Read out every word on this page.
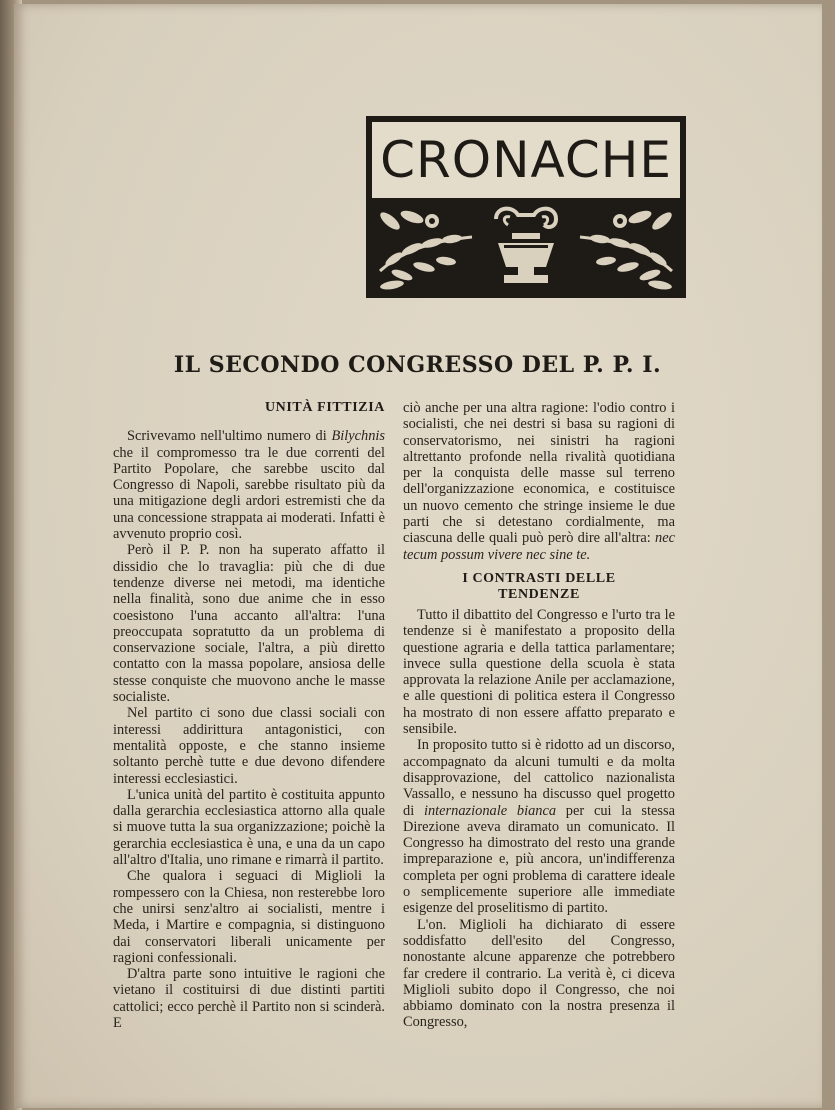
CRONACHE
IL SECONDO CONGRESSO DEL P. P. I.
UNITÀ FITTIZIA

Scrivevamo nell'ultimo numero di Bilychnis che il compromesso tra le due correnti del Partito Popolare, che sarebbe uscito dal Congresso di Napoli, sarebbe risultato più da una mitigazione degli ardori estremisti che da una concessione strappata ai moderati. Infatti è avvenuto proprio così.

Però il P. P. non ha superato affatto il dissidio che lo travaglia: più che di due tendenze diverse nei metodi, ma identiche nella finalità, sono due anime che in esso coesistono l'una accanto all'altra: l'una preoccupata sopratutto da un problema di conservazione sociale, l'altra, a più diretto contatto con la massa popolare, ansiosa delle stesse conquiste che muovono anche le masse socialiste.

Nel partito ci sono due classi sociali con interessi addirittura antagonistici, con mentalità opposte, e che stanno insieme soltanto perchè tutte e due devono difendere interessi ecclesiastici.

L'unica unità del partito è costituita appunto dalla gerarchia ecclesiastica attorno alla quale si muove tutta la sua organizzazione; poichè la gerarchia ecclesiastica è una, e una da un capo all'altro d'Italia, uno rimane e rimarrà il partito.

Che qualora i seguaci di Miglioli la rompessero con la Chiesa, non resterebbe loro che unirsi senz'altro ai socialisti, mentre i Meda, i Martire e compagnia, si distinguono dai conservatori liberali unicamente per ragioni confessionali.

D'altra parte sono intuitive le ragioni che vietano il costituirsi di due distinti partiti cattolici; ecco perchè il Partito non si scinderà. E

ciò anche per una altra ragione: l'odio contro i socialisti, che nei destri si basa su ragioni di conservatorismo, nei sinistri ha ragioni altrettanto profonde nella rivalità quotidiana per la conquista delle masse sul terreno dell'organizzazione economica, e costituisce un nuovo cemento che stringe insieme le due parti che si detestano cordialmente, ma ciascuna delle quali può però dire all'altra: nec tecum possum vivere nec sine te.

I CONTRASTI DELLE
TENDENZE

Tutto il dibattito del Congresso e l'urto tra le tendenze si è manifestato a proposito della questione agraria e della tattica parlamentare; invece sulla questione della scuola è stata approvata la relazione Anile per acclamazione, e alle questioni di politica estera il Congresso ha mostrato di non essere affatto preparato e sensibile.

In proposito tutto si è ridotto ad un discorso, accompagnato da alcuni tumulti e da molta disapprovazione, del cattolico nazionalista Vassallo, e nessuno ha discusso quel progetto di internazionale bianca per cui la stessa Direzione aveva diramato un comunicato. Il Congresso ha dimostrato del resto una grande impreparazione e, più ancora, un'indifferenza completa per ogni problema di carattere ideale o semplicemente superiore alle immediate esigenze del proselitismo di partito.

L'on. Miglioli ha dichiarato di essere soddisfatto dell'esito del Congresso, nonostante alcune apparenze che potrebbero far credere il contrario. La verità è, ci diceva Miglioli subito dopo il Congresso, che noi abbiamo dominato con la nostra presenza il Congresso,
